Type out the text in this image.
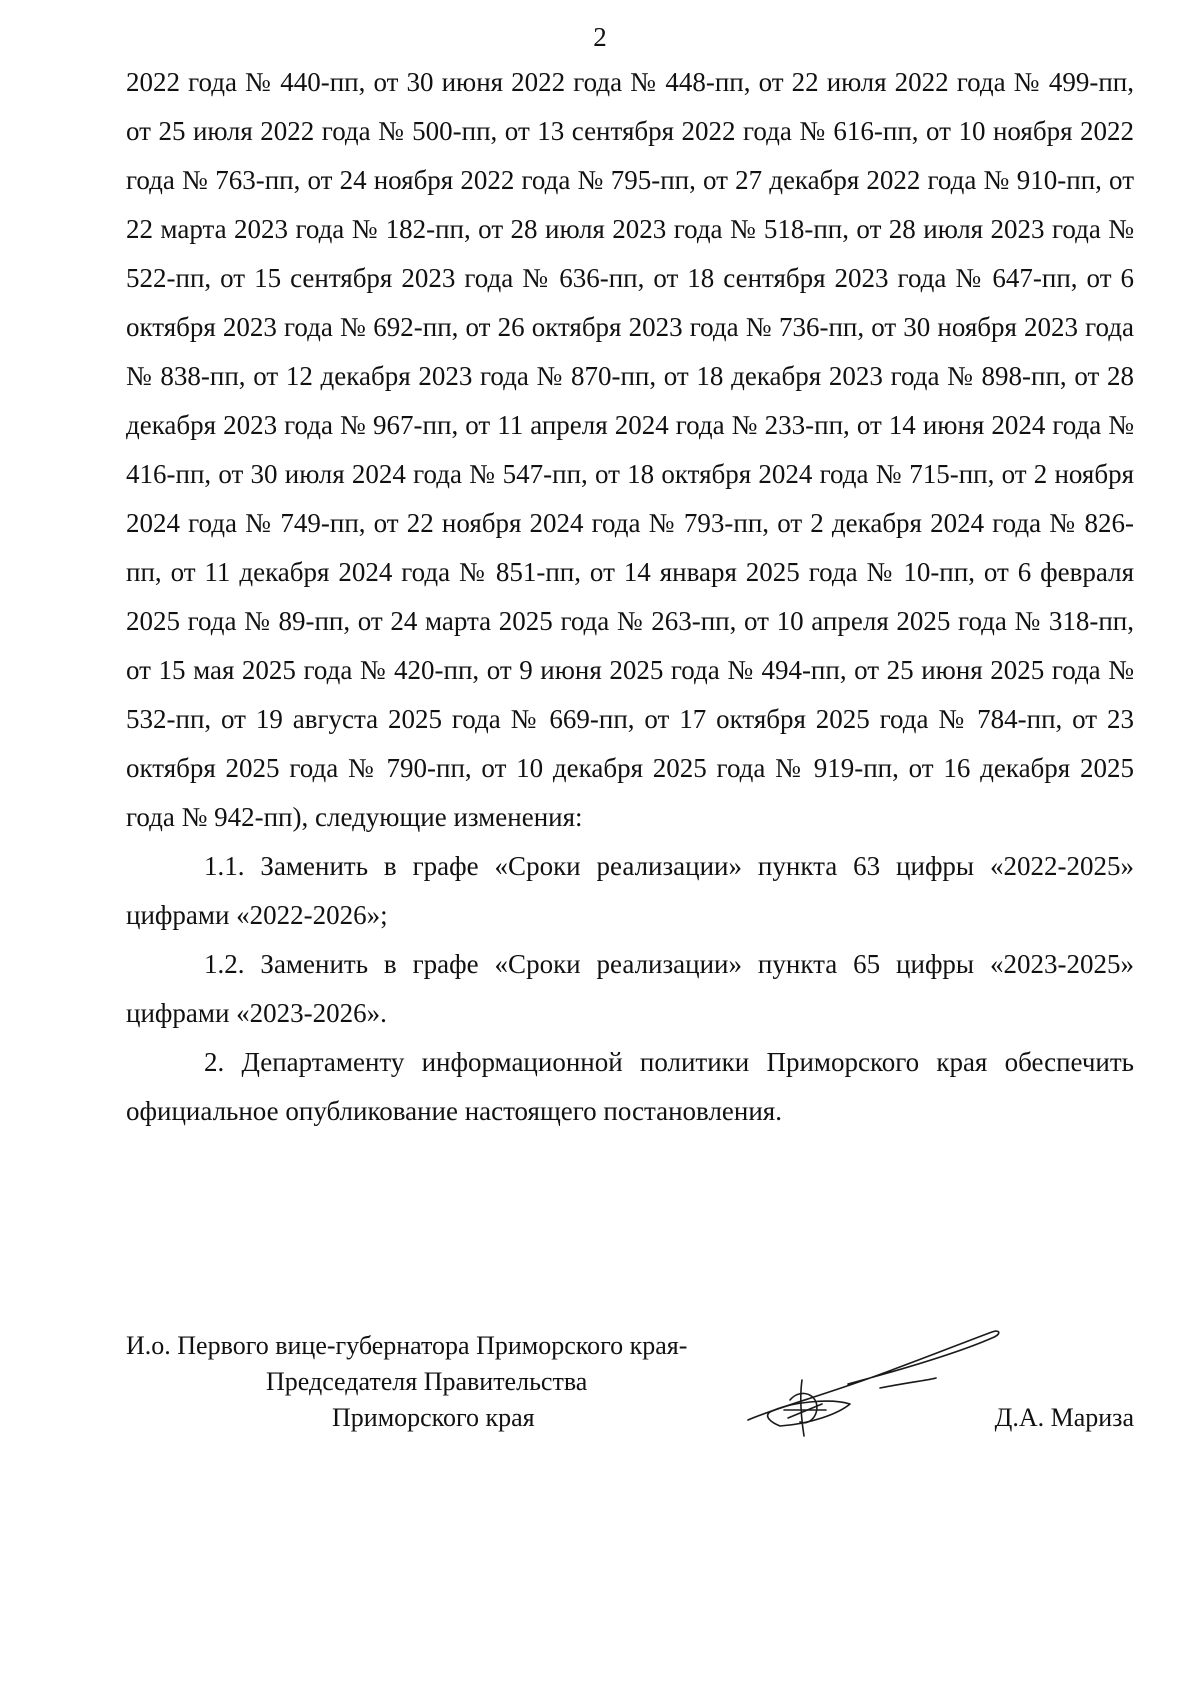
2

2022 года № 440-пп, от 30 июня 2022 года № 448-пп, от 22 июля 2022 года № 499-пп, от 25 июля 2022 года № 500-пп, от 13 сентября 2022 года № 616-пп, от 10 ноября 2022 года № 763-пп, от 24 ноября 2022 года № 795-пп, от 27 декабря 2022 года № 910-пп, от 22 марта 2023 года № 182-пп, от 28 июля 2023 года № 518-пп, от 28 июля 2023 года № 522-пп, от 15 сентября 2023 года № 636-пп, от 18 сентября 2023 года № 647-пп, от 6 октября 2023 года № 692-пп, от 26 октября 2023 года № 736-пп, от 30 ноября 2023 года № 838-пп, от 12 декабря 2023 года № 870-пп, от 18 декабря 2023 года № 898-пп, от 28 декабря 2023 года № 967-пп, от 11 апреля 2024 года № 233-пп, от 14 июня 2024 года № 416-пп, от 30 июля 2024 года № 547-пп, от 18 октября 2024 года № 715-пп, от 2 ноября 2024 года № 749-пп, от 22 ноября 2024 года № 793-пп, от 2 декабря 2024 года № 826-пп, от 11 декабря 2024 года № 851-пп, от 14 января 2025 года № 10-пп, от 6 февраля 2025 года № 89-пп, от 24 марта 2025 года № 263-пп, от 10 апреля 2025 года № 318-пп, от 15 мая 2025 года № 420-пп, от 9 июня 2025 года № 494-пп, от 25 июня 2025 года № 532-пп, от 19 августа 2025 года № 669-пп, от 17 октября 2025 года № 784-пп, от 23 октября 2025 года № 790-пп, от 10 декабря 2025 года № 919-пп, от 16 декабря 2025 года № 942-пп), следующие изменения:

1.1. Заменить в графе «Сроки реализации» пункта 63 цифры «2022-2025» цифрами «2022-2026»;

1.2. Заменить в графе «Сроки реализации» пункта 65 цифры «2023-2025» цифрами «2023-2026».

2. Департаменту информационной политики Приморского края обеспечить официальное опубликование настоящего постановления.

И.о. Первого вице-губернатора Приморского края-
Председателя Правительства
Приморского края	Д.А. Мариза
